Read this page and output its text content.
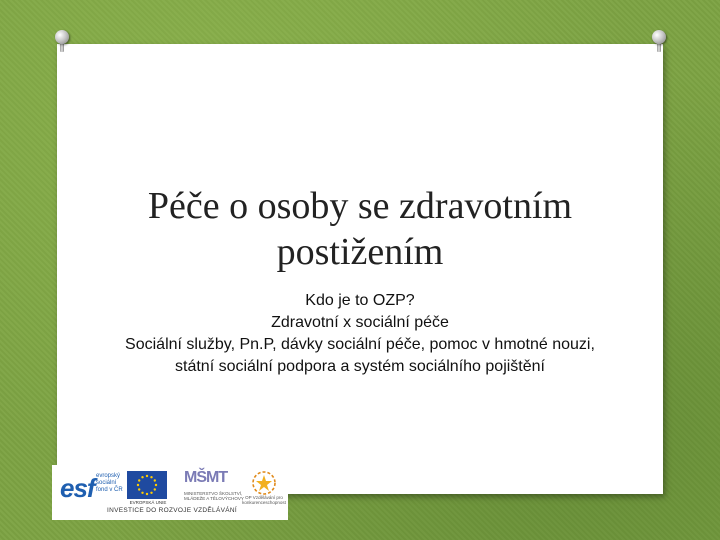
Péče o osoby se zdravotním postižením
Kdo je to OZP?
Zdravotní x sociální péče
Sociální služby, Pn.P, dávky sociální péče, pomoc v hmotné nouzi, státní sociální podpora a systém sociálního pojištění
esf evropský sociální fond v ČR
EVROPSKÁ UNIE
MŠMT
MINISTERSTVO ŠKOLSTVÍ, MLÁDEŽE A TĚLOVÝCHOVY OP Vzdělávání pro konkurenceschopnost
INVESTICE DO ROZVOJE VZDĚLÁVÁNÍ
